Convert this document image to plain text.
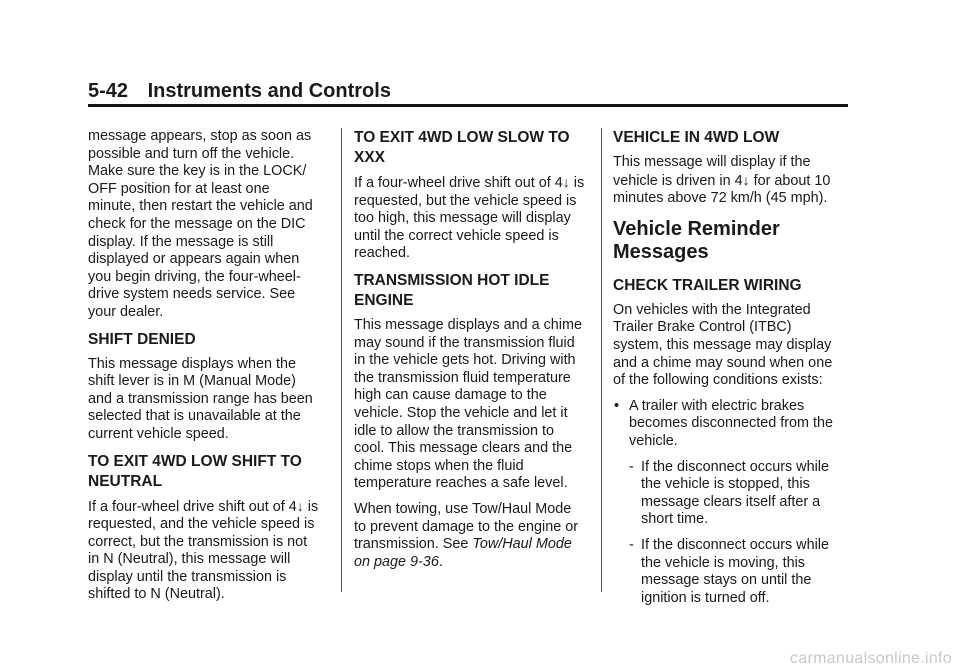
5-42 Instruments and Controls

message appears, stop as soon as possible and turn off the vehicle. Make sure the key is in the LOCK/ OFF position for at least one minute, then restart the vehicle and check for the message on the DIC display. If the message is still displayed or appears again when you begin driving, the four-wheel-drive system needs service. See your dealer.

SHIFT DENIED

This message displays when the shift lever is in M (Manual Mode) and a transmission range has been selected that is unavailable at the current vehicle speed.

TO EXIT 4WD LOW SHIFT TO NEUTRAL

If a four-wheel drive shift out of 4↓ is requested, and the vehicle speed is correct, but the transmission is not in N (Neutral), this message will display until the transmission is shifted to N (Neutral).

TO EXIT 4WD LOW SLOW TO XXX

If a four-wheel drive shift out of 4↓ is requested, but the vehicle speed is too high, this message will display until the correct vehicle speed is reached.

TRANSMISSION HOT IDLE ENGINE

This message displays and a chime may sound if the transmission fluid in the vehicle gets hot. Driving with the transmission fluid temperature high can cause damage to the vehicle. Stop the vehicle and let it idle to allow the transmission to cool. This message clears and the chime stops when the fluid temperature reaches a safe level.

When towing, use Tow/Haul Mode to prevent damage to the engine or transmission. See Tow/Haul Mode on page 9-36.

VEHICLE IN 4WD LOW

This message will display if the vehicle is driven in 4↓ for about 10 minutes above 72 km/h (45 mph).

Vehicle Reminder Messages
CHECK TRAILER WIRING

On vehicles with the Integrated Trailer Brake Control (ITBC) system, this message may display and a chime may sound when one of the following conditions exists:

• A trailer with electric brakes becomes disconnected from the vehicle.
- If the disconnect occurs while the vehicle is stopped, this message clears itself after a short time.
- If the disconnect occurs while the vehicle is moving, this message stays on until the ignition is turned off.
carmanualsonline.info
